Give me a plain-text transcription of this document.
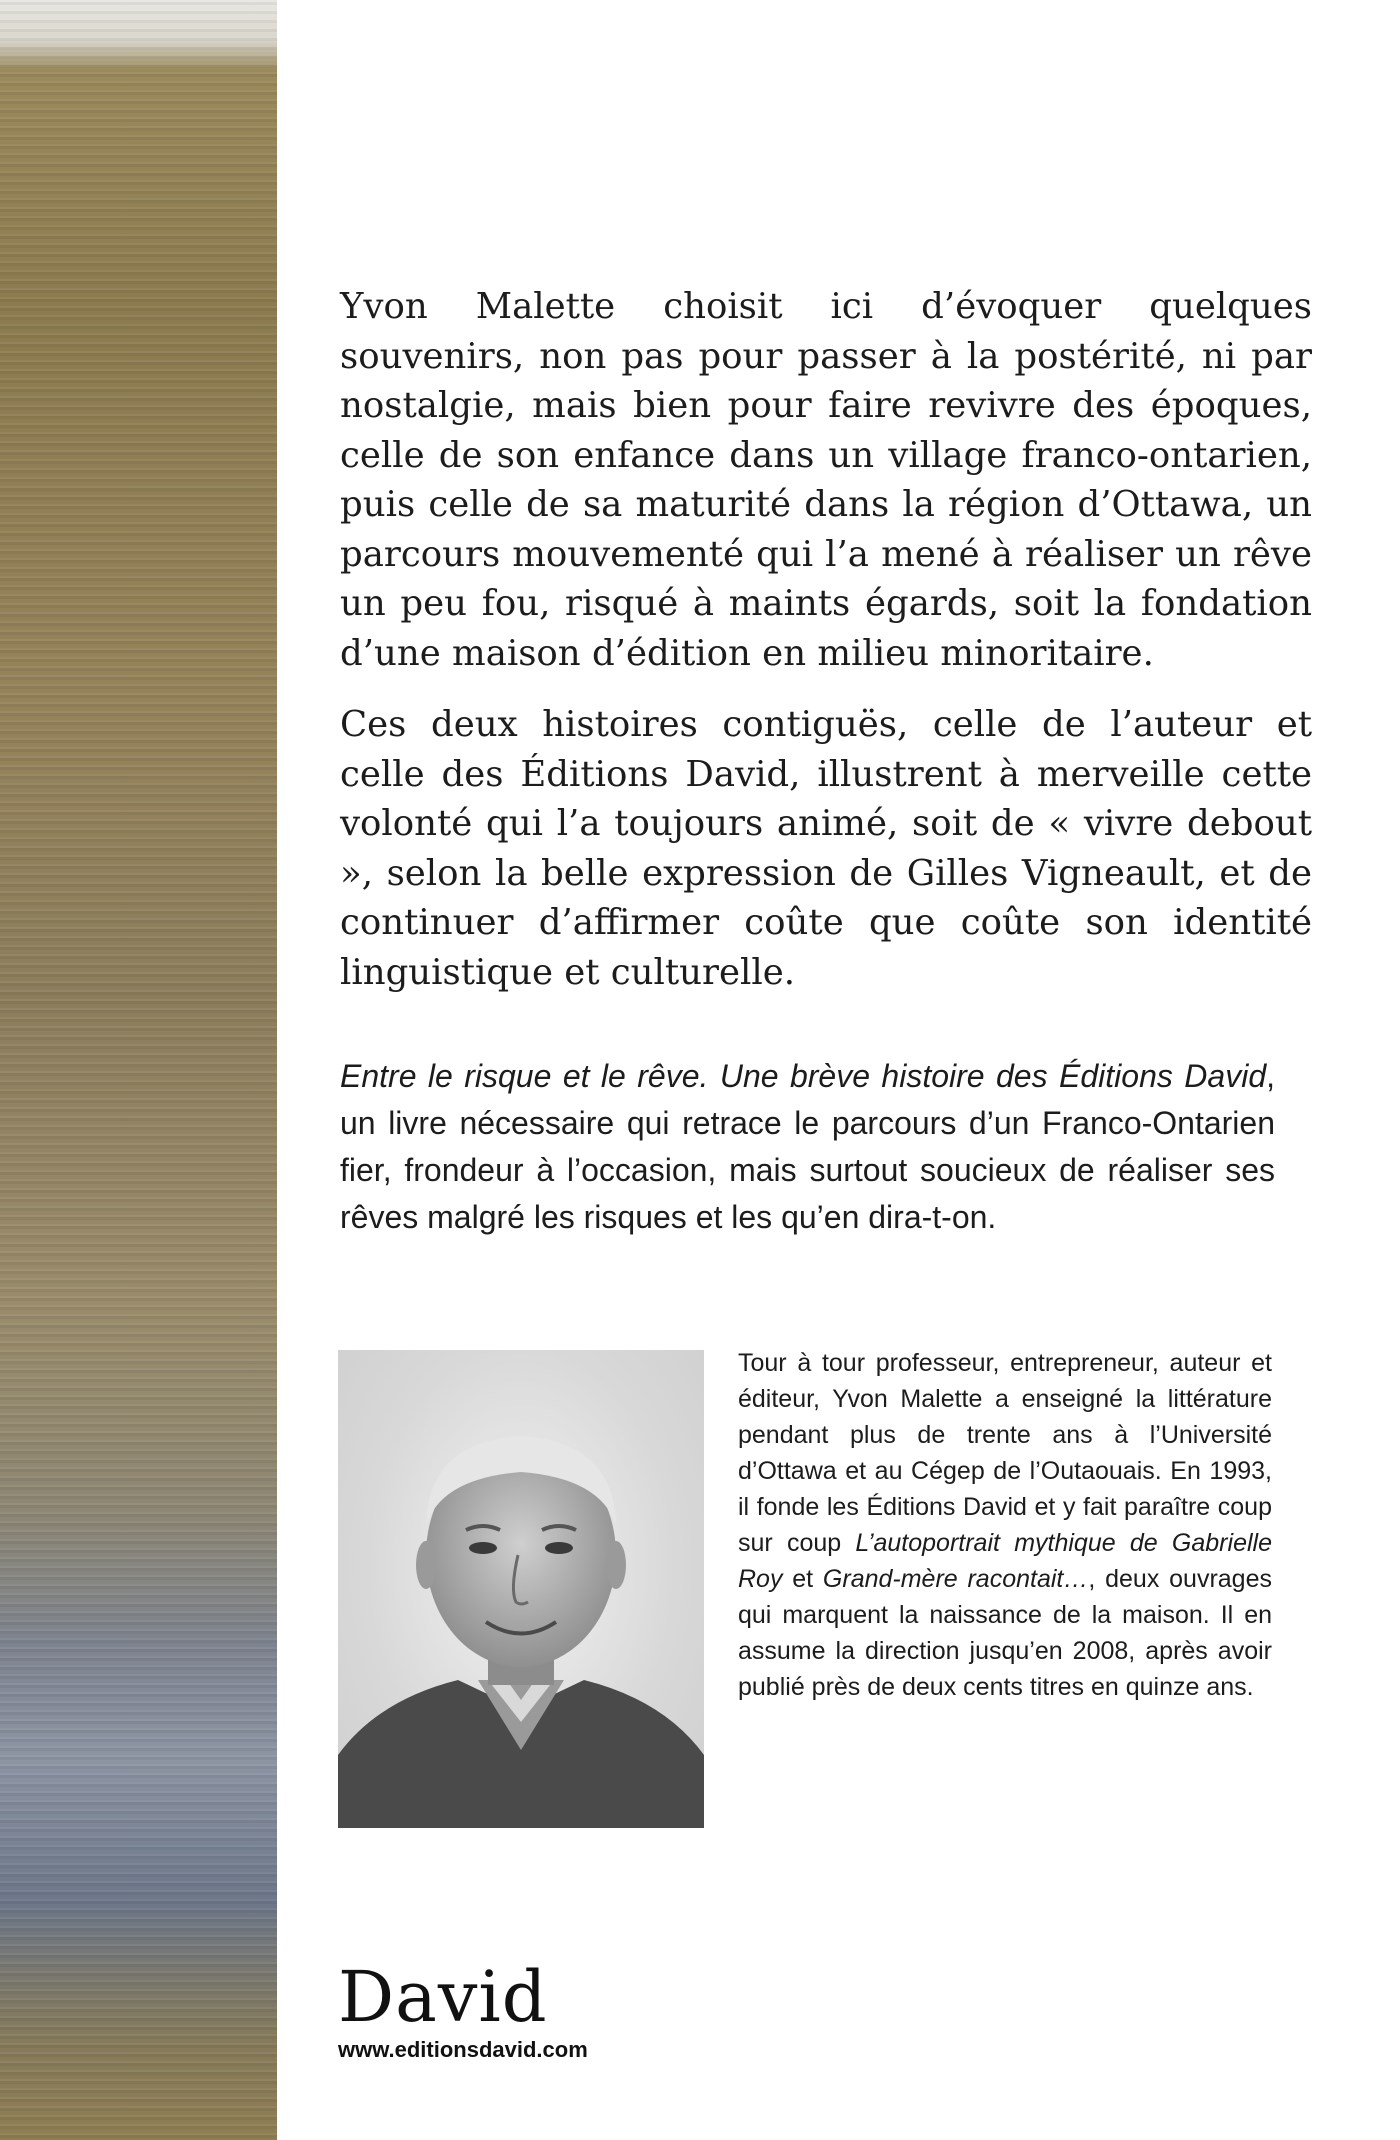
Yvon Malette choisit ici d’évoquer quelques souvenirs, non pas pour passer à la postérité, ni par nostalgie, mais bien pour faire revivre des époques, celle de son enfance dans un village franco-ontarien, puis celle de sa maturité dans la région d’Ottawa, un parcours mouvementé qui l’a mené à réaliser un rêve un peu fou, risqué à maints égards, soit la fondation d’une maison d’édition en milieu minoritaire.

Ces deux histoires contiguës, celle de l’auteur et celle des Éditions David, illustrent à merveille cette volonté qui l’a toujours animé, soit de « vivre debout », selon la belle expression de Gilles Vigneault, et de continuer d’affirmer coûte que coûte son identité linguistique et culturelle.

Entre le risque et le rêve. Une brève histoire des Éditions David, un livre nécessaire qui retrace le parcours d’un Franco-Ontarien fier, frondeur à l’occasion, mais surtout soucieux de réaliser ses rêves malgré les risques et les qu’en dira-t-on.

Tour à tour professeur, entrepreneur, auteur et éditeur, Yvon Malette a enseigné la littérature pendant plus de trente ans à l’Université d’Ottawa et au Cégep de l’Outaouais. En 1993, il fonde les Éditions David et y fait paraître coup sur coup L’autoportrait mythique de Gabrielle Roy et Grand-mère racontait…, deux ouvrages qui marquent la naissance de la maison. Il en assume la direction jusqu’en 2008, après avoir publié près de deux cents titres en quinze ans.

David
www.editionsdavid.com
